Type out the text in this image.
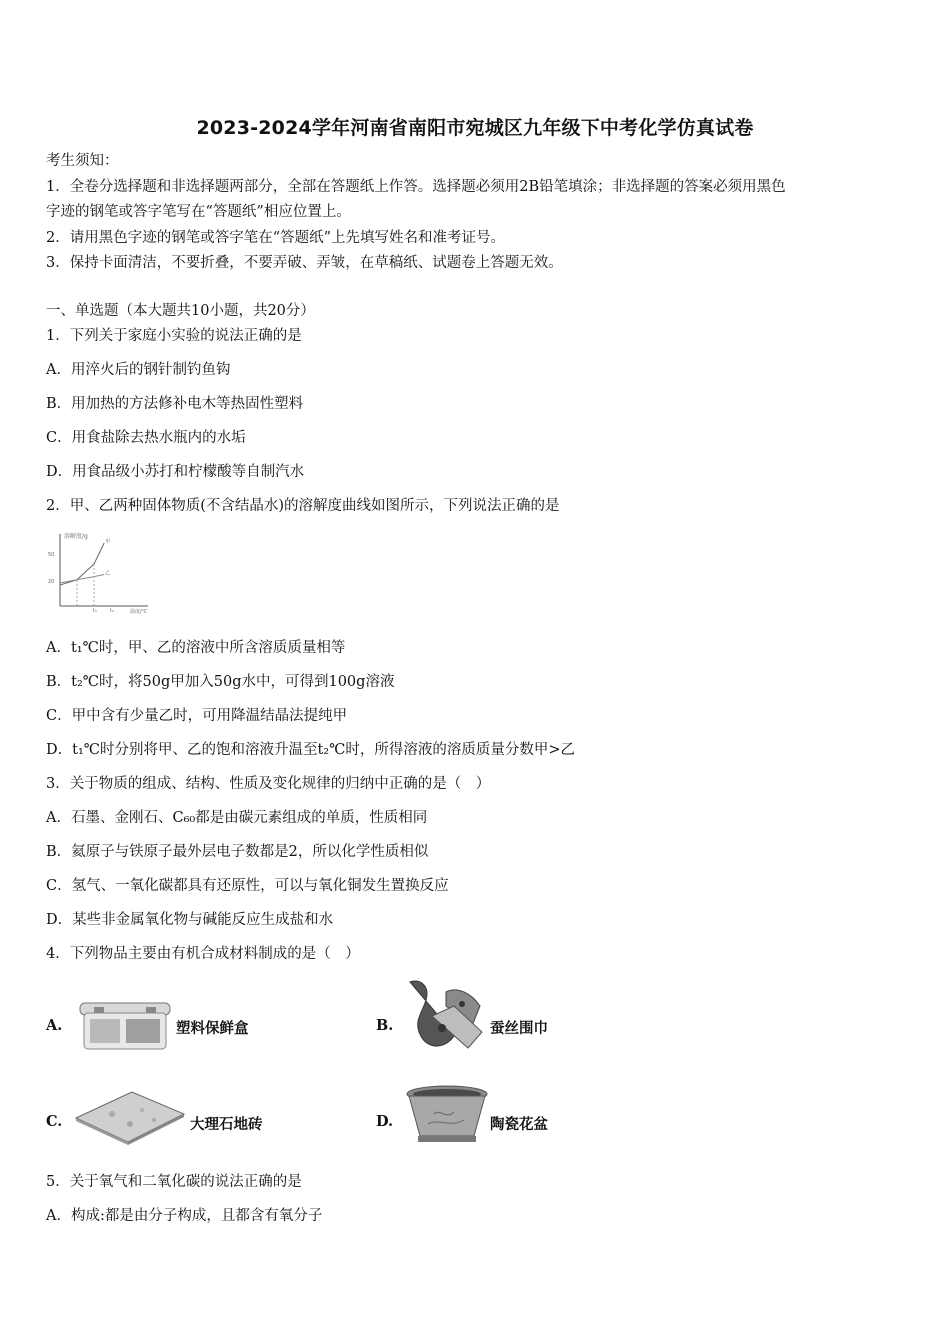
2023-2024学年河南省南阳市宛城区九年级下中考化学仿真试卷
考生须知：
1．全卷分选择题和非选择题两部分，全部在答题纸上作答。选择题必须用2B铅笔填涂；非选择题的答案必须用黑色
字迹的钢笔或答字笔写在“答题纸”相应位置上。
2．请用黑色字迹的钢笔或答字笔在“答题纸”上先填写姓名和准考证号。
3．保持卡面清洁，不要折叠，不要弄破、弄皱，在草稿纸、试题卷上答题无效。
一、单选题（本大题共10小题，共20分）
1．下列关于家庭小实验的说法正确的是
A．用淬火后的钢针制钓鱼钩
B．用加热的方法修补电木等热固性塑料
C．用食盐除去热水瓶内的水垢
D．用食品级小苏打和柠檬酸等自制汽水
2．甲、乙两种固体物质(不含结晶水)的溶解度曲线如图所示，下列说法正确的是
溶解度/g
温度/℃
50
20
t₁	t₂
甲
乙
A．t₁℃时，甲、乙的溶液中所含溶质质量相等
B．t₂℃时，将50g甲加入50g水中，可得到100g溶液
C．甲中含有少量乙时，可用降温结晶法提纯甲
D．t₁℃时分别将甲、乙的饱和溶液升温至t₂℃时，所得溶液的溶质质量分数甲>乙
3．关于物质的组成、结构、性质及变化规律的归纳中正确的是（　）
A．石墨、金刚石、C₆₀都是由碳元素组成的单质，性质相同
B．氦原子与铁原子最外层电子数都是2，所以化学性质相似
C．氢气、一氧化碳都具有还原性，可以与氧化铜发生置换反应
D．某些非金属氧化物与碱能反应生成盐和水
4．下列物品主要由有机合成材料制成的是（　）
A.	塑料保鲜盒	B.	蚕丝围巾
C.	大理石地砖	D.	陶瓷花盆
5．关于氧气和二氧化碳的说法正确的是
A．构成:都是由分子构成，且都含有氧分子
